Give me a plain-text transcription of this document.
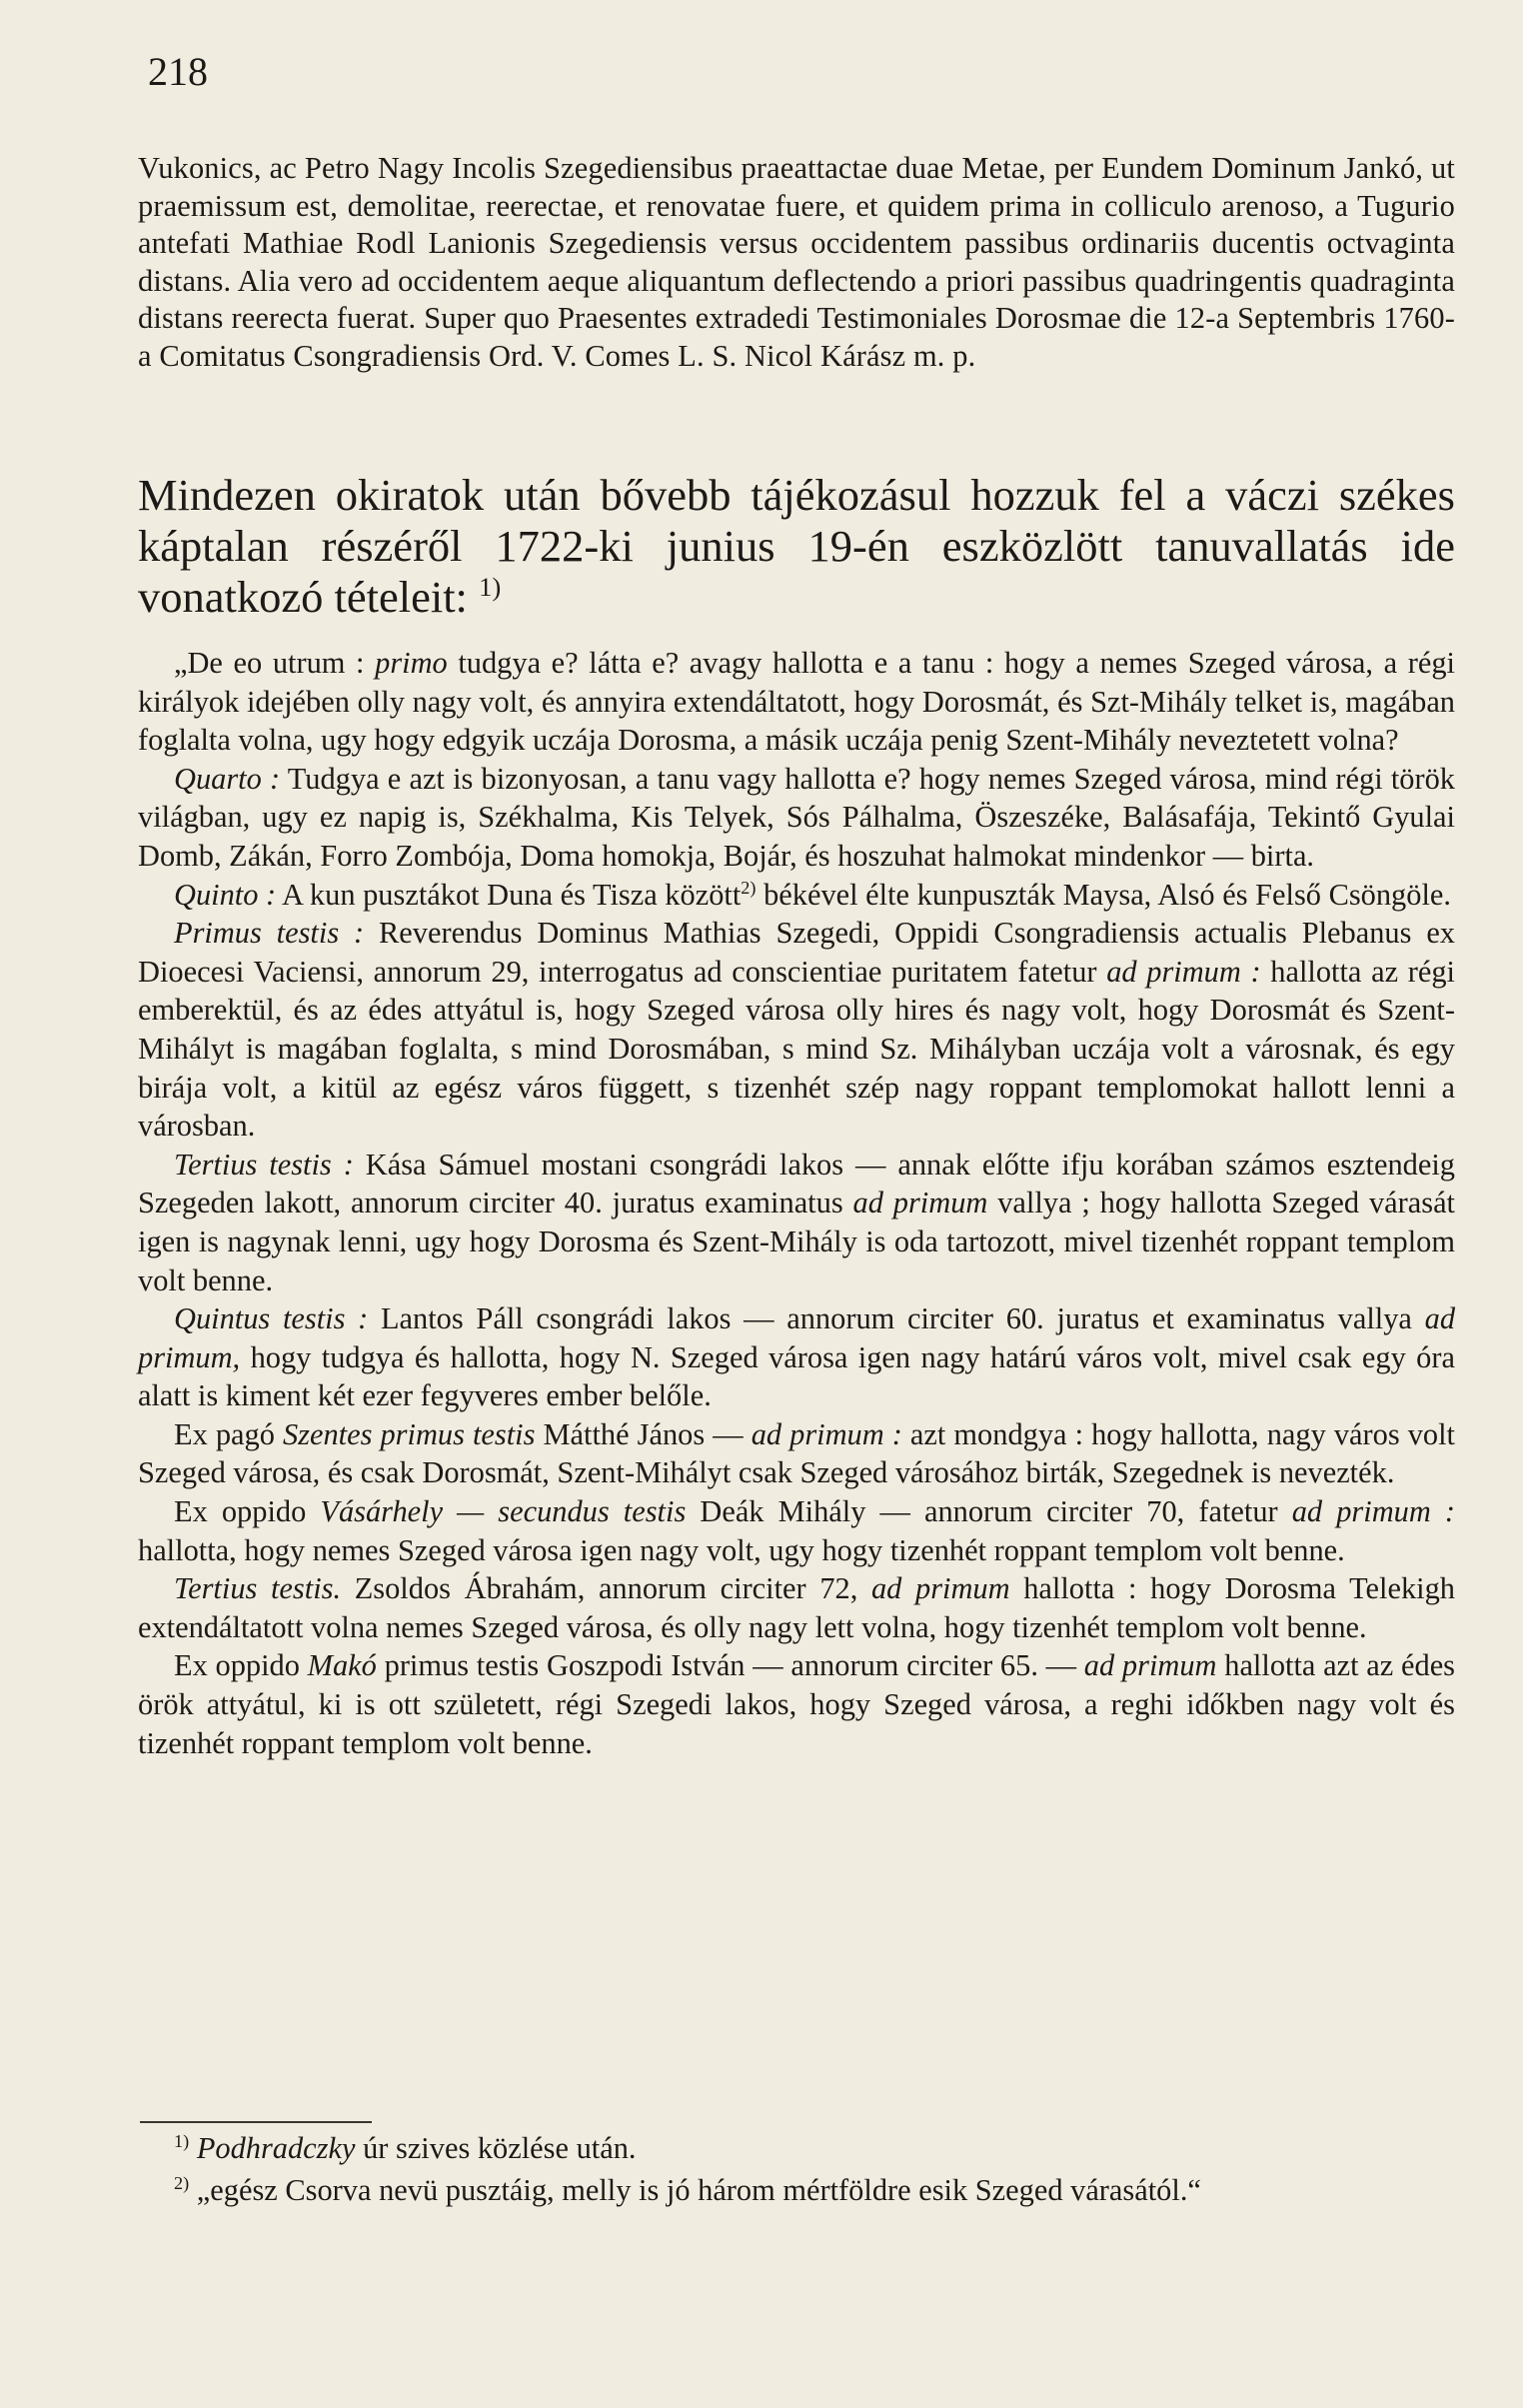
218

Vukonics, ac Petro Nagy Incolis Szegediensibus praeattactae duae Metae, per Eundem Dominum Jankó, ut praemissum est, demolitae, reerectae, et renovatae fuere, et quidem prima in colliculo arenoso, a Tugurio antefati Mathiae Rodl Lanionis Szegediensis versus occidentem passibus ordinariis ducentis octvaginta distans. Alia vero ad occidentem aeque aliquantum deflectendo a priori passibus quadringentis quadraginta distans reerecta fuerat. Super quo Praesentes extradedi Testimoniales Dorosmae die 12-a Septembris 1760-a Comitatus Csongradiensis Ord. V. Comes L. S. Nicol Kárász m. p.

Mindezen okiratok után bővebb tájékozásul hozzuk fel a váczi székes káptalan részéről 1722-ki junius 19-én eszközlött tanuvallatás ide vonatkozó tételeit: $^{1)}$

„De eo utrum : primo tudgya e? látta e? avagy hallotta e a tanu : hogy a nemes Szeged városa, a régi királyok idejében olly nagy volt, és annyira extendáltatott, hogy Dorosmát, és Szt-Mihály telket is, magában foglalta volna, ugy hogy edgyik uczája Dorosma, a másik uczája penig Szent-Mihály neveztetett volna?

Quarto : Tudgya e azt is bizonyosan, a tanu vagy hallotta e? hogy nemes Szeged városa, mind régi török világban, ugy ez napig is, Székhalma, Kis Telyek, Sós Pálhalma, Öszeszéke, Balásafája, Tekintő Gyulai Domb, Zákán, Forro Zombója, Doma homokja, Bojár, és hoszuhat halmokat mindenkor — birta.

Quinto : A kun pusztákot Duna és Tisza között$^{2)}$ békével élte kunpuszták Maysa, Alsó és Felső Csöngöle.

Primus testis : Reverendus Dominus Mathias Szegedi, Oppidi Csongradiensis actualis Plebanus ex Dioecesi Vaciensi, annorum 29, interrogatus ad conscientiae puritatem fatetur ad primum : hallotta az régi emberektül, és az édes attyátul is, hogy Szeged városa olly hires és nagy volt, hogy Dorosmát és Szent-Mihályt is magában foglalta, s mind Dorosmában, s mind Sz. Mihályban uczája volt a városnak, és egy birája volt, a kitül az egész város függett, s tizenhét szép nagy roppant templomokat hallott lenni a városban.

Tertius testis : Kása Sámuel mostani csongrádi lakos — annak előtte ifju korában számos esztendeig Szegeden lakott, annorum circiter 40. juratus examinatus ad primum vallya ; hogy hallotta Szeged várasát igen is nagynak lenni, ugy hogy Dorosma és Szent-Mihály is oda tartozott, mivel tizenhét roppant templom volt benne.

Quintus testis : Lantos Páll csongrádi lakos — annorum circiter 60. juratus et examinatus vallya ad primum, hogy tudgya és hallotta, hogy N. Szeged városa igen nagy határú város volt, mivel csak egy óra alatt is kiment két ezer fegyveres ember belőle.

Ex pagó Szentes primus testis Mátthé János — ad primum : azt mondgya : hogy hallotta, nagy város volt Szeged városa, és csak Dorosmát, Szent-Mihályt csak Szeged városához birták, Szegednek is nevezték.

Ex oppido Vásárhely — secundus testis Deák Mihály — annorum circiter 70, fatetur ad primum : hallotta, hogy nemes Szeged városa igen nagy volt, ugy hogy tizenhét roppant templom volt benne.

Tertius testis. Zsoldos Ábrahám, annorum circiter 72, ad primum hallotta : hogy Dorosma Telekigh extendáltatott volna nemes Szeged városa, és olly nagy lett volna, hogy tizenhét templom volt benne.

Ex oppido Makó primus testis Goszpodi István — annorum circiter 65. — ad primum hallotta azt az édes örök attyátul, ki is ott született, régi Szegedi lakos, hogy Szeged városa, a reghi időkben nagy volt és tizenhét roppant templom volt benne.

$^{1)}$ Podhradczky úr szives közlése után.

$^{2)}$ „egész Csorva nevü pusztáig, melly is jó három mértföldre esik Szeged várasától.“
